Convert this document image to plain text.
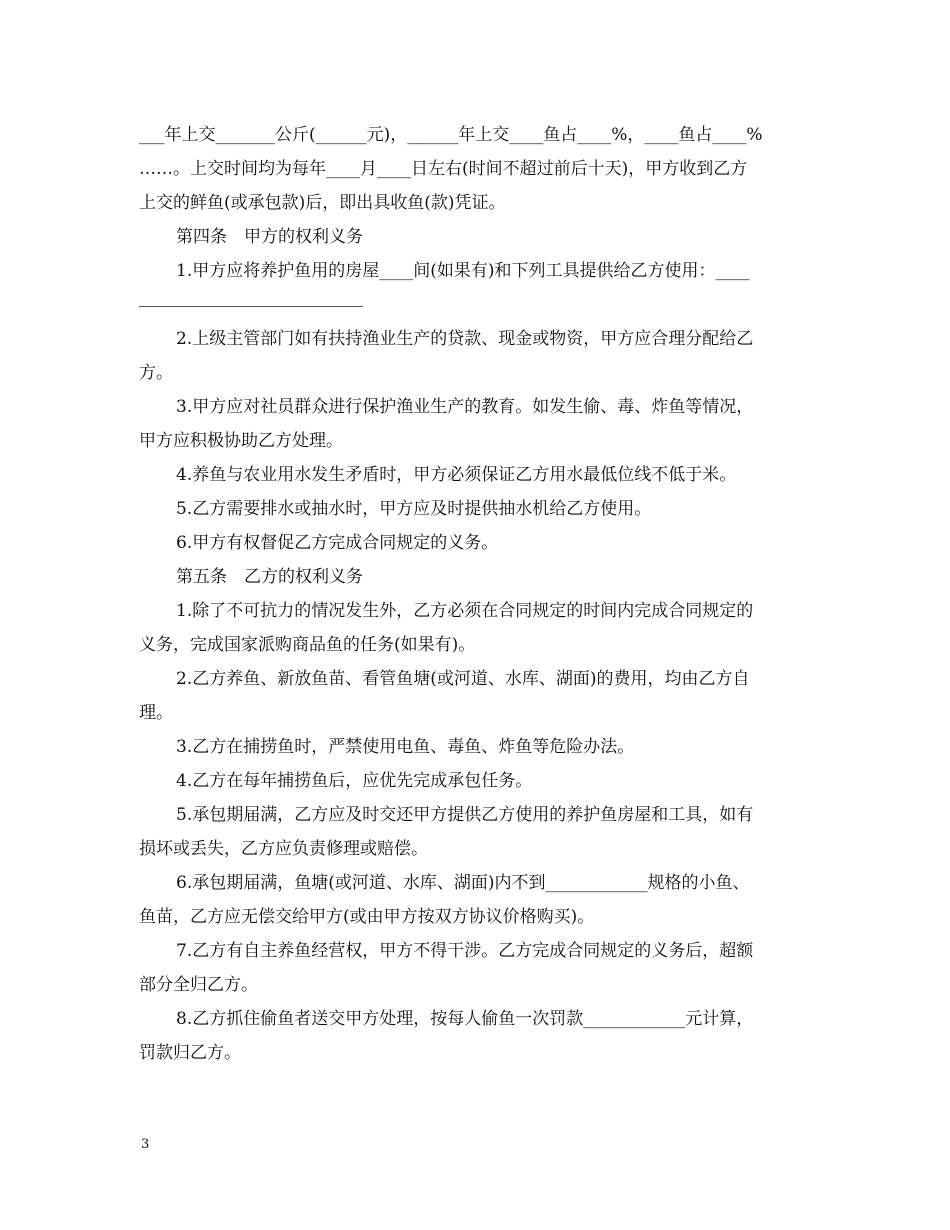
___年上交_______公斤(______元)，______年上交____鱼占____%，____鱼占____%
……。上交时间均为每年____月____日左右(时间不超过前后十天)，甲方收到乙方
上交的鲜鱼(或承包款)后，即出具收鱼(款)凭证。
第四条　甲方的权利义务
1.甲方应将养护鱼用的房屋____间(如果有)和下列工具提供给乙方使用：____
2.上级主管部门如有扶持渔业生产的贷款、现金或物资，甲方应合理分配给乙
方。
3.甲方应对社员群众进行保护渔业生产的教育。如发生偷、毒、炸鱼等情况，
甲方应积极协助乙方处理。
4.养鱼与农业用水发生矛盾时，甲方必须保证乙方用水最低位线不低于米。
5.乙方需要排水或抽水时，甲方应及时提供抽水机给乙方使用。
6.甲方有权督促乙方完成合同规定的义务。
第五条　乙方的权利义务
1.除了不可抗力的情况发生外，乙方必须在合同规定的时间内完成合同规定的
义务，完成国家派购商品鱼的任务(如果有)。
2.乙方养鱼、新放鱼苗、看管鱼塘(或河道、水库、湖面)的费用，均由乙方自
理。
3.乙方在捕捞鱼时，严禁使用电鱼、毒鱼、炸鱼等危险办法。
4.乙方在每年捕捞鱼后，应优先完成承包任务。
5.承包期届满，乙方应及时交还甲方提供乙方使用的养护鱼房屋和工具，如有
损坏或丢失，乙方应负责修理或赔偿。
6.承包期届满，鱼塘(或河道、水库、湖面)内不到____________规格的小鱼、
鱼苗，乙方应无偿交给甲方(或由甲方按双方协议价格购买)。
7.乙方有自主养鱼经营权，甲方不得干涉。乙方完成合同规定的义务后，超额
部分全归乙方。
8.乙方抓住偷鱼者送交甲方处理，按每人偷鱼一次罚款____________元计算，
罚款归乙方。
3
